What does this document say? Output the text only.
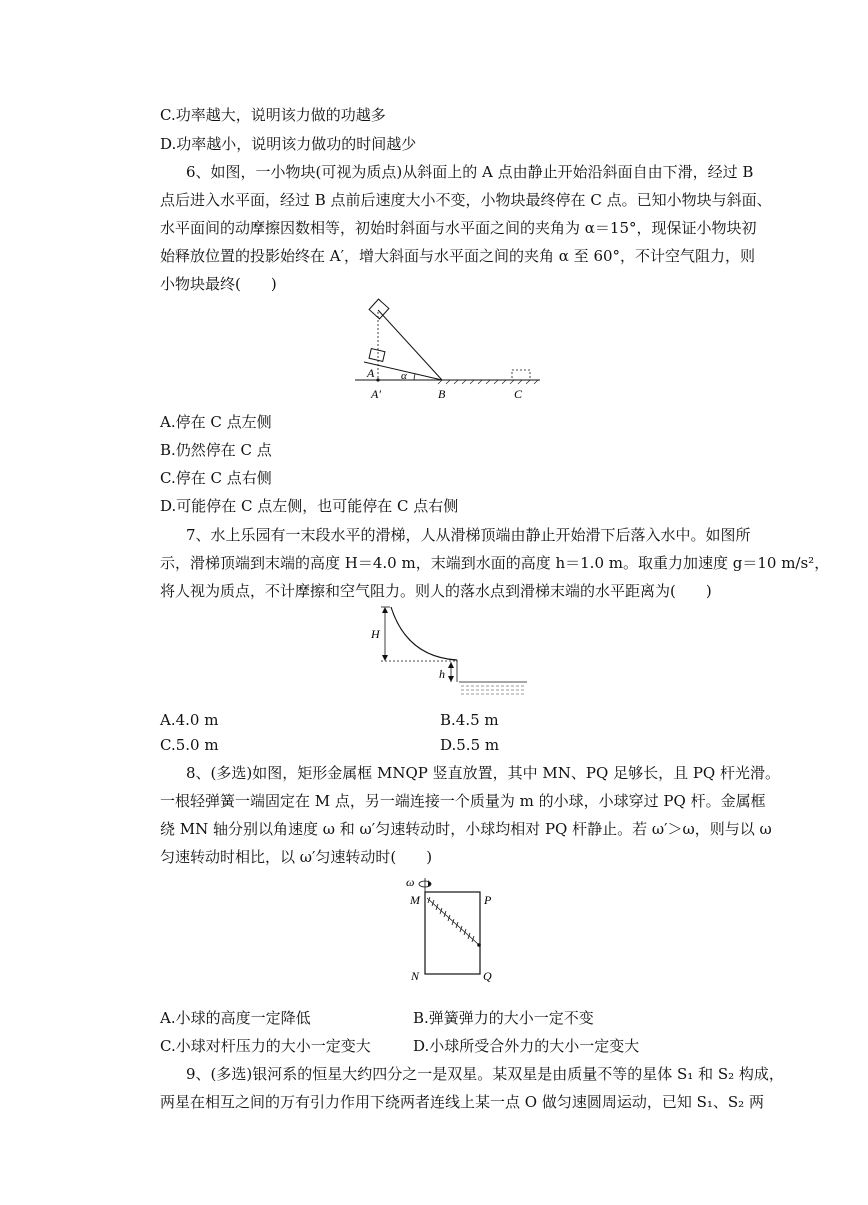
C.功率越大，说明该力做的功越多
D.功率越小，说明该力做功的时间越少
6、如图，一小物块(可视为质点)从斜面上的 A 点由静止开始沿斜面自由下滑，经过 B
点后进入水平面，经过 B 点前后速度大小不变，小物块最终停在 C 点。已知小物块与斜面、
水平面间的动摩擦因数相等，初始时斜面与水平面之间的夹角为 α＝15°，现保证小物块初
始释放位置的投影始终在 A′，增大斜面与水平面之间的夹角 α 至 60°，不计空气阻力，则
小物块最终(　　)
A
A′
α
B	C
A.停在 C 点左侧
B.仍然停在 C 点
C.停在 C 点右侧
D.可能停在 C 点左侧，也可能停在 C 点右侧
7、水上乐园有一末段水平的滑梯，人从滑梯顶端由静止开始滑下后落入水中。如图所
示，滑梯顶端到末端的高度 H＝4.0 m，末端到水面的高度 h＝1.0 m。取重力加速度 g＝10 m/s²，
将人视为质点，不计摩擦和空气阻力。则人的落水点到滑梯末端的水平距离为(　　)
H
h
A.4.0 m	B.4.5 m
C.5.0 m	D.5.5 m
8、(多选)如图，矩形金属框 MNQP 竖直放置，其中 MN、PQ 足够长，且 PQ 杆光滑。
一根轻弹簧一端固定在 M 点，另一端连接一个质量为 m 的小球，小球穿过 PQ 杆。金属框
绕 MN 轴分别以角速度 ω 和 ω′匀速转动时，小球均相对 PQ 杆静止。若 ω′＞ω，则与以 ω
匀速转动时相比，以 ω′匀速转动时(　　)
ω
M	P
N	Q
A.小球的高度一定降低	B.弹簧弹力的大小一定不变
C.小球对杆压力的大小一定变大	D.小球所受合外力的大小一定变大
9、(多选)银河系的恒星大约四分之一是双星。某双星是由质量不等的星体 S₁ 和 S₂ 构成，
两星在相互之间的万有引力作用下绕两者连线上某一点 O 做匀速圆周运动，已知 S₁、S₂ 两
